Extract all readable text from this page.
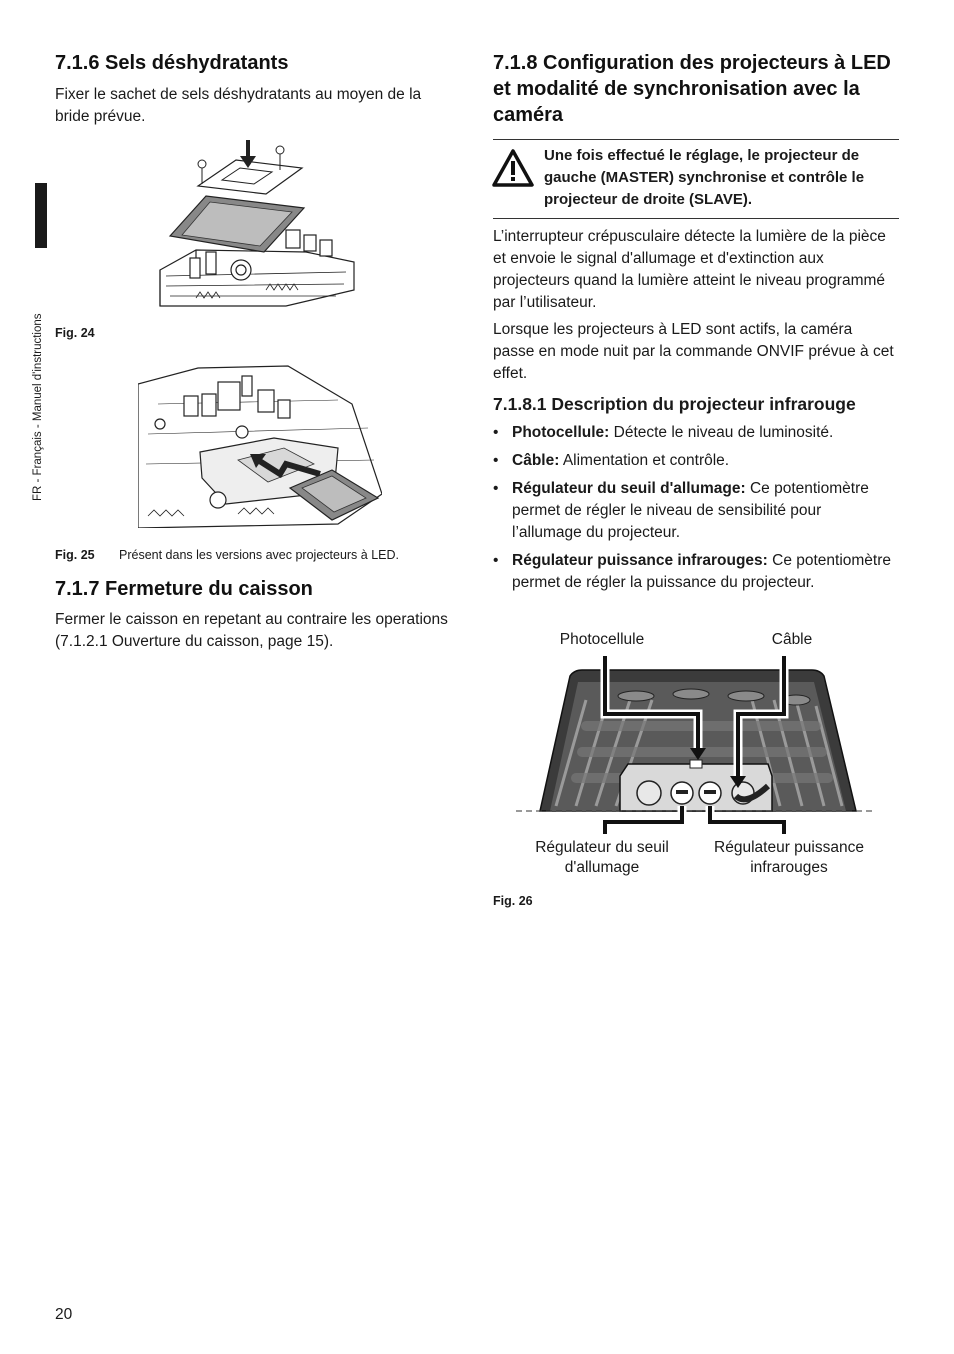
FR - Français - Manuel d'instructions
7.1.6 Sels déshydratants

Fixer le sachet de sels déshydratants au moyen de la bride prévue.

Fig. 24
Fig. 25 Présent dans les versions avec projecteurs à LED.
7.1.7 Fermeture du caisson

Fermer le caisson en repetant au contraire les operations (7.1.2.1 Ouverture du caisson, page 15).

7.1.8 Configuration des projecteurs à LED et modalité de synchronisation avec la caméra

Une fois effectué le réglage, le projecteur de gauche (MASTER) synchronise et contrôle le projecteur de droite (SLAVE).

L’interrupteur crépusculaire détecte la lumière de la pièce et envoie le signal d'allumage et d'extinction aux projecteurs quand la lumière atteint le niveau programmé par l’utilisateur.

Lorsque les projecteurs à LED sont actifs, la caméra passe en mode nuit par la commande ONVIF prévue à cet effet.

7.1.8.1 Description du projecteur infrarouge
• Photocellule: Détecte le niveau de luminosité.
• Câble: Alimentation et contrôle.
• Régulateur du seuil d'allumage: Ce potentiomètre permet de régler le niveau de sensibilité pour l’allumage du projecteur.
• Régulateur puissance infrarouges: Ce potentiomètre permet de régler la puissance du projecteur.
Photocellule	Câble
Régulateur du seuil d'allumage
Régulateur puissance infrarouges
Fig. 26
20
